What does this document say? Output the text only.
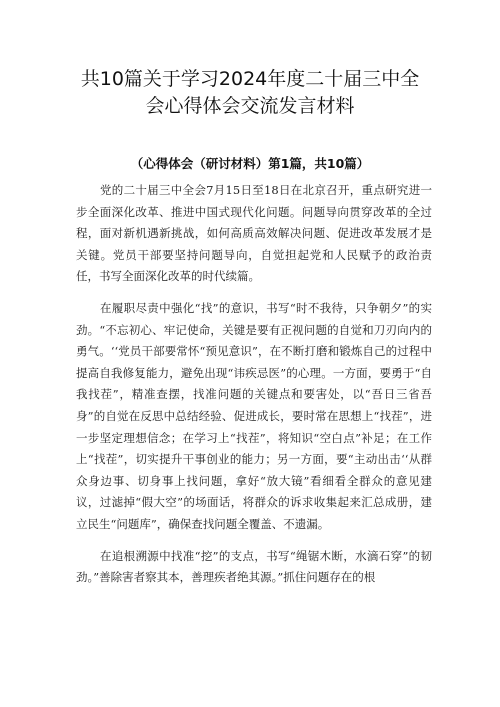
共10篇关于学习2024年度二十届三中全
会心得体会交流发言材料
（心得体会（研讨材料）第1篇，共10篇）

党的二十届三中全会7月15日至18日在北京召开，重点研究进一步全面深化改革、推进中国式现代化问题。问题导向贯穿改革的全过程，面对新机遇新挑战，如何高质高效解决问题、促进改革发展才是关键。党员干部要坚持问题导向，自觉担起党和人民赋予的政治责任，书写全面深化改革的时代续篇。

在履职尽责中强化“找”的意识，书写“时不我待，只争朝夕”的实劲。“不忘初心、牢记使命，关键是要有正视问题的自觉和刀刃向内的勇气。‘‘党员干部要常怀“预见意识”，在不断打磨和锻炼自己的过程中提高自我修复能力，避免出现“讳疾忌医”的心理。一方面，要勇于“自我找茬”，精准查摆，找准问题的关键点和要害处，以“吾日三省吾身”的自觉在反思中总结经验、促进成长，要时常在思想上“找茬”，进一步坚定理想信念；在学习上“找茬”，将知识“空白点”补足；在工作上“找茬”，切实提升干事创业的能力；另一方面，要“主动出击‘‘从群众身边事、切身事上找问题，拿好“放大镜”看细看全群众的意见建议，过滤掉“假大空”的场面话，将群众的诉求收集起来汇总成册，建立民生“问题库”，确保查找问题全覆盖、不遗漏。

在追根溯源中找准“挖”的支点，书写“绳锯木断，水滴石穿”的韧劲。”善除害者察其本，善理疾者绝其源。”抓住问题存在的根
